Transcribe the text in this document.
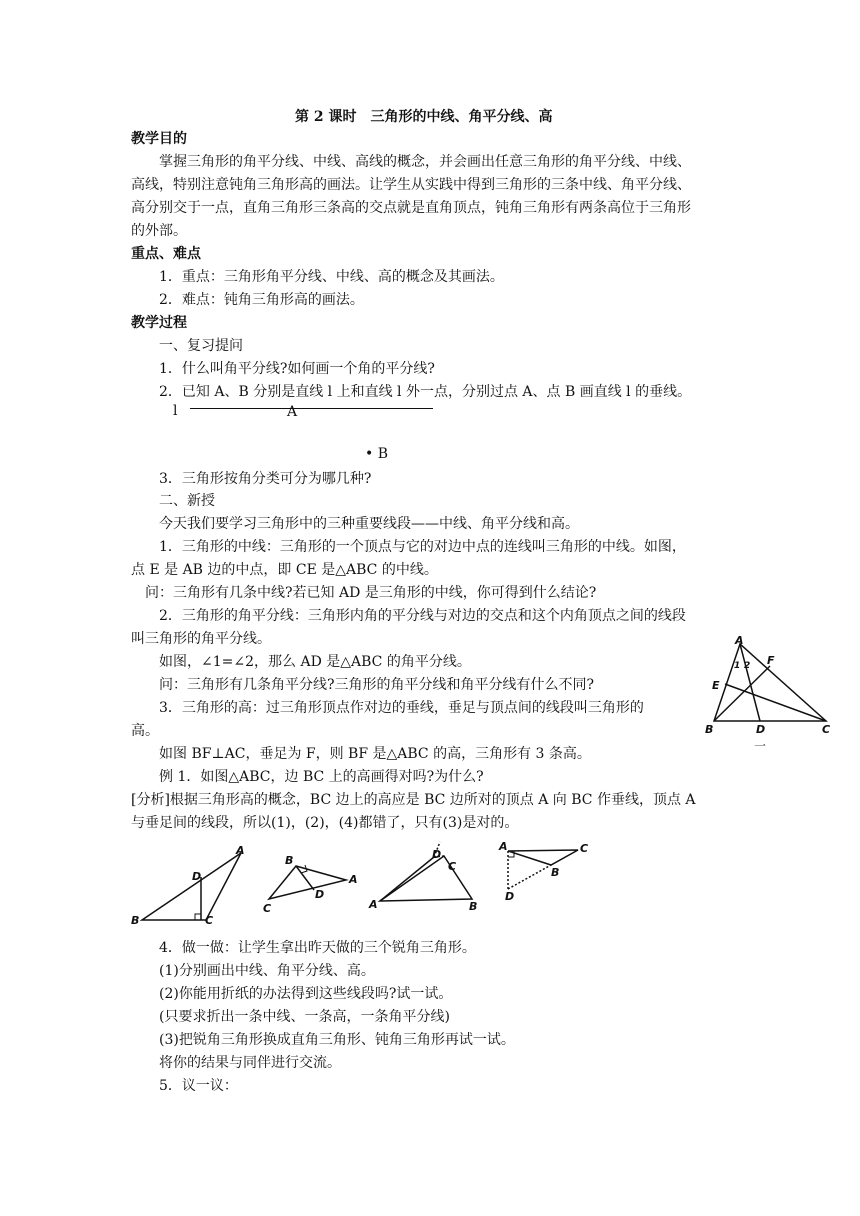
第 2 课时　三角形的中线、角平分线、高
教学目的
掌握三角形的角平分线、中线、高线的概念，并会画出任意三角形的角平分线、中线、
高线，特别注意钝角三角形高的画法。让学生从实践中得到三角形的三条中线、角平分线、
高分别交于一点，直角三角形三条高的交点就是直角顶点，钝角三角形有两条高位于三角形
的外部。
重点、难点
1．重点：三角形角平分线、中线、高的概念及其画法。
2．难点：钝角三角形高的画法。
教学过程
一、复习提问
1．什么叫角平分线?如何画一个角的平分线?
2．已知 A、B 分别是直线 l 上和直线 l 外一点，分别过点 A、点 B 画直线 l 的垂线。
l	A
• B
3．三角形按角分类可分为哪几种?
二、新授
今天我们要学习三角形中的三种重要线段——中线、角平分线和高。
1．三角形的中线：三角形的一个顶点与它的对边中点的连线叫三角形的中线。如图，
点 E 是 AB 边的中点，即 CE 是△ABC 的中线。
问：三角形有几条中线?若已知 AD 是三角形的中线，你可得到什么结论?
2．三角形的角平分线：三角形内角的平分线与对边的交点和这个内角顶点之间的线段
叫三角形的角平分线。
如图，∠1=∠2，那么 AD 是△ABC 的角平分线。
问：三角形有几条角平分线?三角形的角平分线和角平分线有什么不同?
3．三角形的高：过三角形顶点作对边的垂线，垂足与顶点间的线段叫三角形的
高。
如图 BF⊥AC，垂足为 F，则 BF 是△ABC 的高，三角形有 3 条高。
例 1．如图△ABC，边 BC 上的高画得对吗?为什么?
[分析]根据三角形高的概念，BC 边上的高应是 BC 边所对的顶点 A 向 BC 作垂线，顶点 A
与垂足间的线段，所以(1)，(2)，(4)都错了，只有(3)是对的。
A
B	C
D
E
F
1 2
一
A
B	C
D
B
A
C
D
A	B
C
D
A	C
B
D
4．做一做：让学生拿出昨天做的三个锐角三角形。
(1)分别画出中线、角平分线、高。
(2)你能用折纸的办法得到这些线段吗?试一试。
(只要求折出一条中线、一条高，一条角平分线)
(3)把锐角三角形换成直角三角形、钝角三角形再试一试。
将你的结果与同伴进行交流。
5．议一议：
